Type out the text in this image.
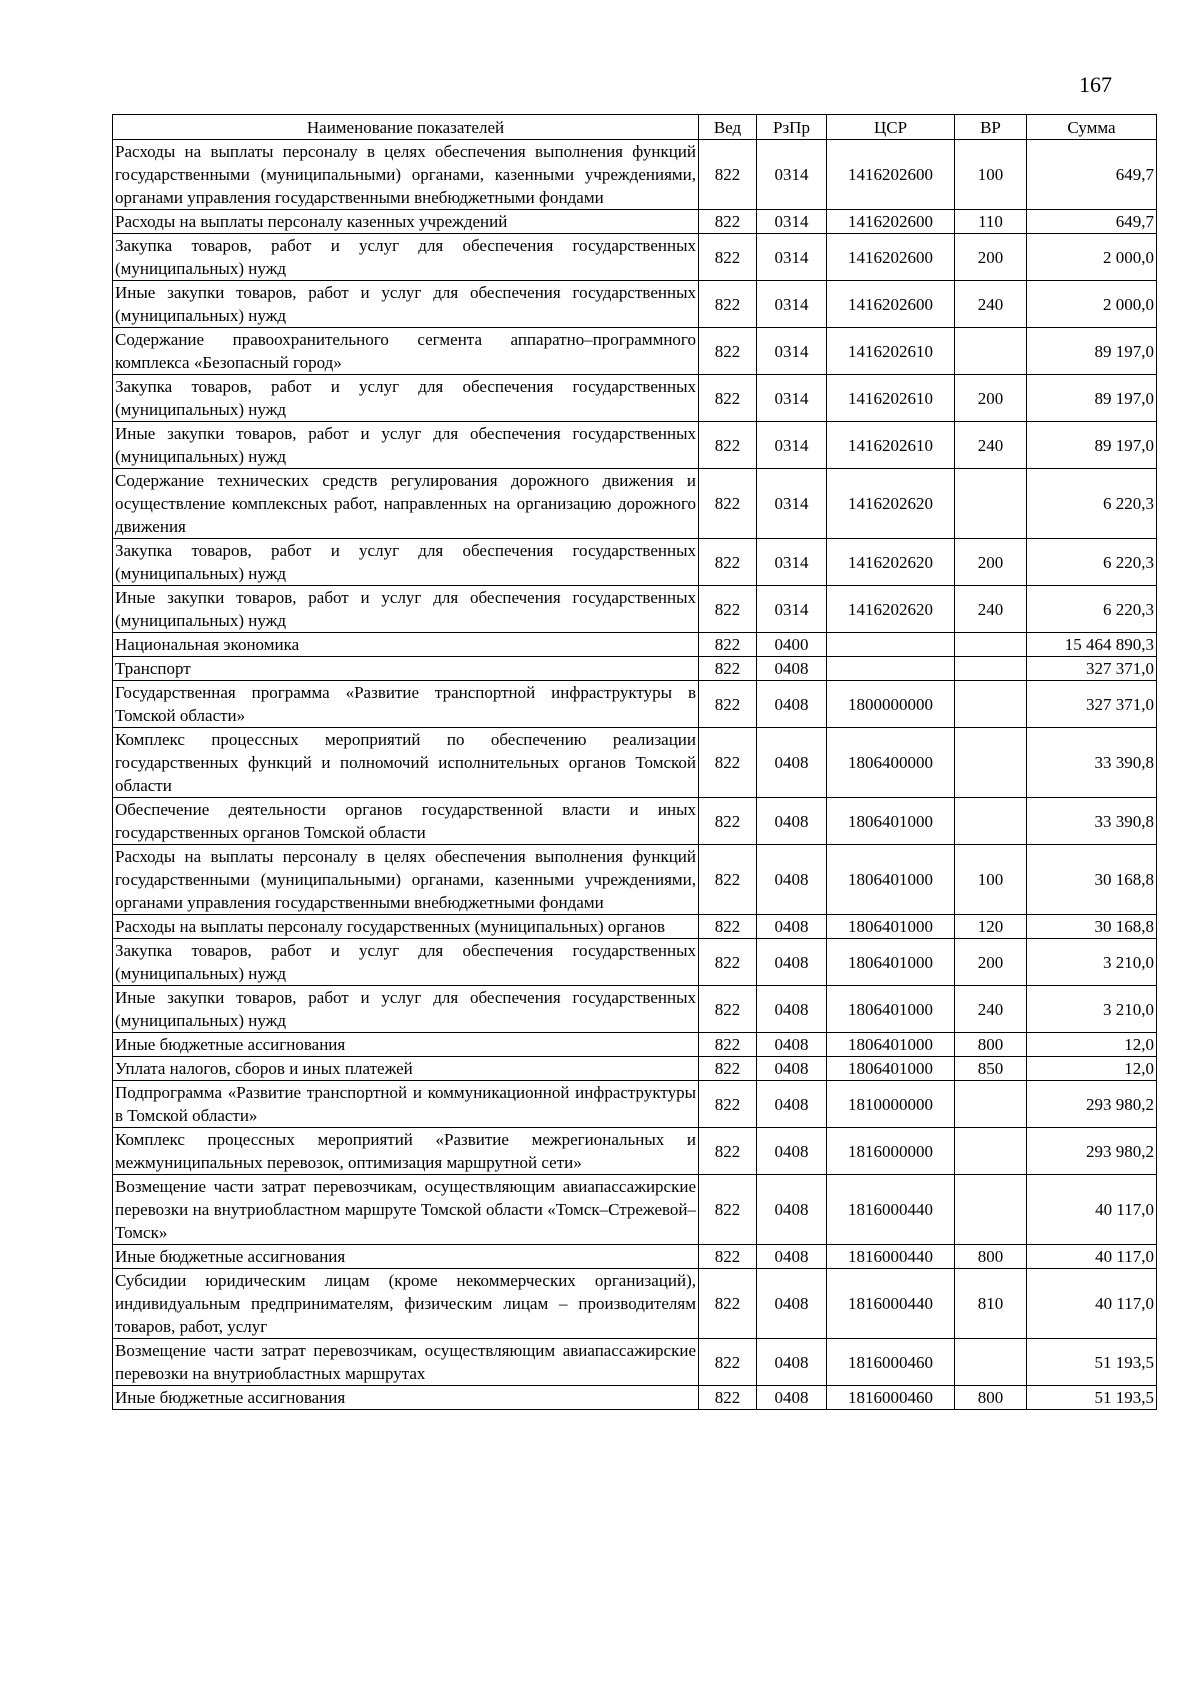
167
Наименование показателей	Вед	РзПр	ЦСР	ВР	Сумма
Расходы на выплаты персоналу в целях обеспечения выполнения функций государственными (муниципальными) органами, казенными учреждениями, органами управления государственными внебюджетными фондами	822	0314	1416202600	100	649,7
Расходы на выплаты персоналу казенных учреждений	822	0314	1416202600	110	649,7
Закупка товаров, работ и услуг для обеспечения государственных (муниципальных) нужд	822	0314	1416202600	200	2 000,0
Иные закупки товаров, работ и услуг для обеспечения государственных (муниципальных) нужд	822	0314	1416202600	240	2 000,0
Содержание правоохранительного сегмента аппаратно–программного комплекса «Безопасный город»	822	0314	1416202610		89 197,0
Закупка товаров, работ и услуг для обеспечения государственных (муниципальных) нужд	822	0314	1416202610	200	89 197,0
Иные закупки товаров, работ и услуг для обеспечения государственных (муниципальных) нужд	822	0314	1416202610	240	89 197,0
Содержание технических средств регулирования дорожного движения и осуществление комплексных работ, направленных на организацию дорожного движения	822	0314	1416202620		6 220,3
Закупка товаров, работ и услуг для обеспечения государственных (муниципальных) нужд	822	0314	1416202620	200	6 220,3
Иные закупки товаров, работ и услуг для обеспечения государственных (муниципальных) нужд	822	0314	1416202620	240	6 220,3
Национальная экономика	822	0400			15 464 890,3
Транспорт	822	0408			327 371,0
Государственная программа «Развитие транспортной инфраструктуры в Томской области»	822	0408	1800000000		327 371,0
Комплекс процессных мероприятий по обеспечению реализации государственных функций и полномочий исполнительных органов Томской области	822	0408	1806400000		33 390,8
Обеспечение деятельности органов государственной власти и иных государственных органов Томской области	822	0408	1806401000		33 390,8
Расходы на выплаты персоналу в целях обеспечения выполнения функций государственными (муниципальными) органами, казенными учреждениями, органами управления государственными внебюджетными фондами	822	0408	1806401000	100	30 168,8
Расходы на выплаты персоналу государственных (муниципальных) органов	822	0408	1806401000	120	30 168,8
Закупка товаров, работ и услуг для обеспечения государственных (муниципальных) нужд	822	0408	1806401000	200	3 210,0
Иные закупки товаров, работ и услуг для обеспечения государственных (муниципальных) нужд	822	0408	1806401000	240	3 210,0
Иные бюджетные ассигнования	822	0408	1806401000	800	12,0
Уплата налогов, сборов и иных платежей	822	0408	1806401000	850	12,0
Подпрограмма «Развитие транспортной и коммуникационной инфраструктуры в Томской области»	822	0408	1810000000		293 980,2
Комплекс процессных мероприятий «Развитие межрегиональных и межмуниципальных перевозок, оптимизация маршрутной сети»	822	0408	1816000000		293 980,2
Возмещение части затрат перевозчикам, осуществляющим авиапассажирские перевозки на внутриобластном маршруте Томской области «Томск–Стрежевой–Томск»	822	0408	1816000440		40 117,0
Иные бюджетные ассигнования	822	0408	1816000440	800	40 117,0
Субсидии юридическим лицам (кроме некоммерческих организаций), индивидуальным предпринимателям, физическим лицам – производителям товаров, работ, услуг	822	0408	1816000440	810	40 117,0
Возмещение части затрат перевозчикам, осуществляющим авиапассажирские перевозки на внутриобластных маршрутах	822	0408	1816000460		51 193,5
Иные бюджетные ассигнования	822	0408	1816000460	800	51 193,5
